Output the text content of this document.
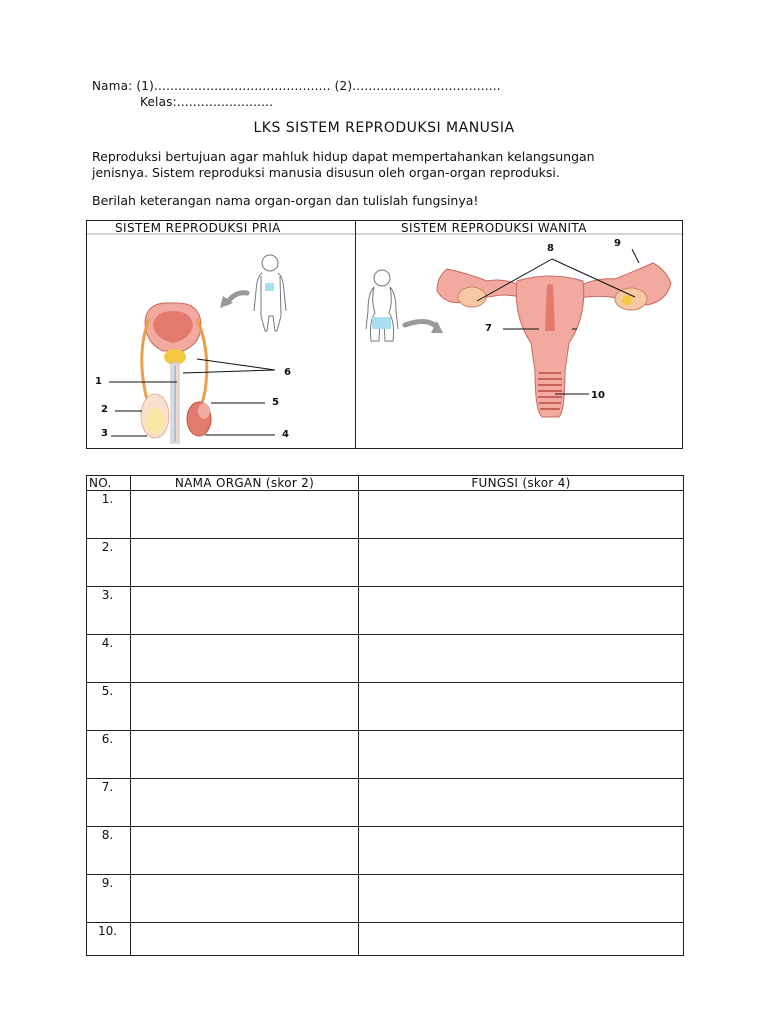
Nama: (1)............................................ (2).....................................
Kelas:........................
LKS SISTEM REPRODUKSI MANUSIA
Reproduksi bertujuan agar mahluk hidup dapat mempertahankan kelangsungan
jenisnya. Sistem reproduksi manusia disusun oleh organ-organ reproduksi.
Berilah keterangan nama organ-organ dan tulislah fungsinya!
SISTEM REPRODUKSI PRIA	SISTEM REPRODUKSI WANITA
1
2
3	4
5
6
7
8	9
10
NO.	NAMA ORGAN (skor 2)	FUNGSI (skor 4)
1.		
2.		
3.		
4.		
5.		
6.		
7.		
8.		
9.		
10.		
